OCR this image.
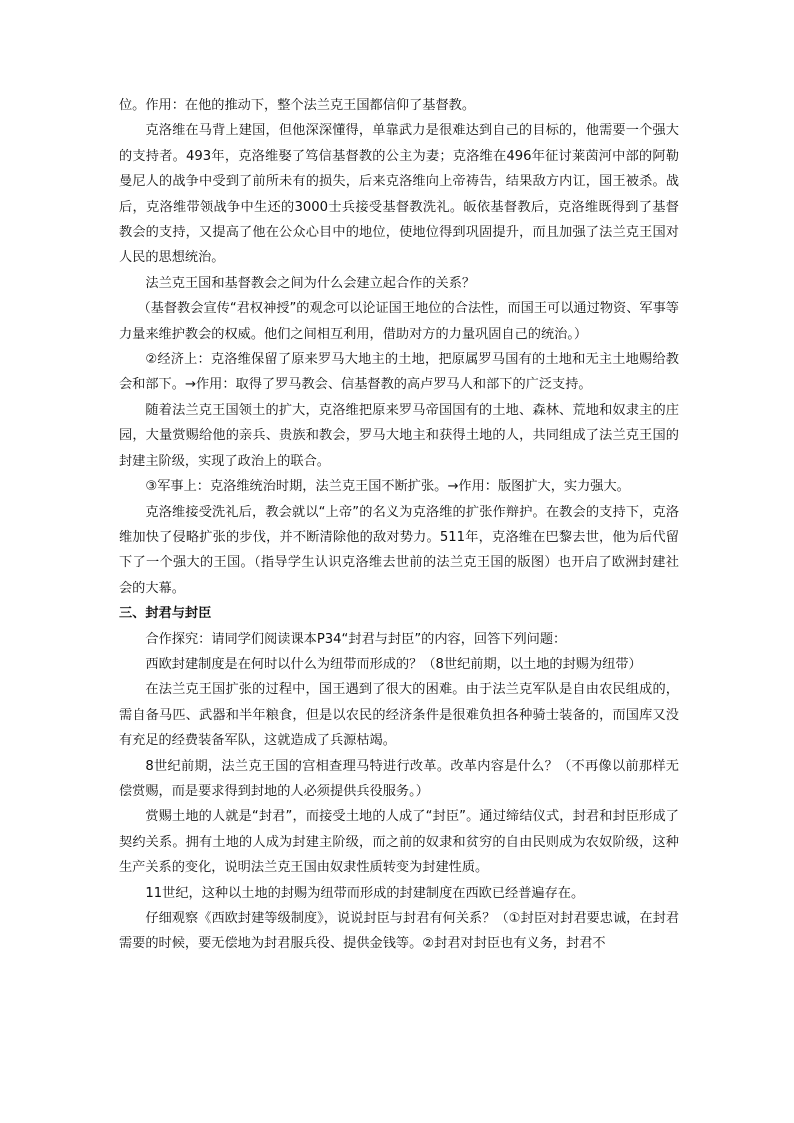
位。作用：在他的推动下，整个法兰克王国都信仰了基督教。

克洛维在马背上建国，但他深深懂得，单靠武力是很难达到自己的目标的，他需要一个强大的支持者。493年，克洛维娶了笃信基督教的公主为妻；克洛维在496年征讨莱茵河中部的阿勒曼尼人的战争中受到了前所未有的损失，后来克洛维向上帝祷告，结果敌方内讧，国王被杀。战后，克洛维带领战争中生还的3000士兵接受基督教洗礼。皈依基督教后，克洛维既得到了基督教会的支持，又提高了他在公众心目中的地位，使地位得到巩固提升，而且加强了法兰克王国对人民的思想统治。

法兰克王国和基督教会之间为什么会建立起合作的关系？

（基督教会宣传“君权神授”的观念可以论证国王地位的合法性，而国王可以通过物资、军事等力量来维护教会的权威。他们之间相互利用，借助对方的力量巩固自己的统治。）

②经济上：克洛维保留了原来罗马大地主的土地，把原属罗马国有的土地和无主土地赐给教会和部下。→作用：取得了罗马教会、信基督教的高卢罗马人和部下的广泛支持。

随着法兰克王国领土的扩大，克洛维把原来罗马帝国国有的土地、森林、荒地和奴隶主的庄园，大量赏赐给他的亲兵、贵族和教会，罗马大地主和获得土地的人，共同组成了法兰克王国的封建主阶级，实现了政治上的联合。

③军事上：克洛维统治时期，法兰克王国不断扩张。→作用：版图扩大，实力强大。

克洛维接受洗礼后，教会就以“上帝”的名义为克洛维的扩张作辩护。在教会的支持下，克洛维加快了侵略扩张的步伐，并不断清除他的敌对势力。511年，克洛维在巴黎去世，他为后代留下了一个强大的王国。（指导学生认识克洛维去世前的法兰克王国的版图）也开启了欧洲封建社会的大幕。

三、封君与封臣

合作探究：请同学们阅读课本P34“封君与封臣”的内容，回答下列问题：

西欧封建制度是在何时以什么为纽带而形成的？（8世纪前期，以土地的封赐为纽带）

在法兰克王国扩张的过程中，国王遇到了很大的困难。由于法兰克军队是自由农民组成的，需自备马匹、武器和半年粮食，但是以农民的经济条件是很难负担各种骑士装备的，而国库又没有充足的经费装备军队，这就造成了兵源枯竭。

8世纪前期，法兰克王国的宫相查理马特进行改革。改革内容是什么？（不再像以前那样无偿赏赐，而是要求得到封地的人必须提供兵役服务。）

赏赐土地的人就是“封君”，而接受土地的人成了“封臣”。通过缔结仪式，封君和封臣形成了契约关系。拥有土地的人成为封建主阶级，而之前的奴隶和贫穷的自由民则成为农奴阶级，这种生产关系的变化，说明法兰克王国由奴隶性质转变为封建性质。

11世纪，这种以土地的封赐为纽带而形成的封建制度在西欧已经普遍存在。

仔细观察《西欧封建等级制度》，说说封臣与封君有何关系？（①封臣对封君要忠诚，在封君需要的时候，要无偿地为封君服兵役、提供金钱等。②封君对封臣也有义务，封君不
